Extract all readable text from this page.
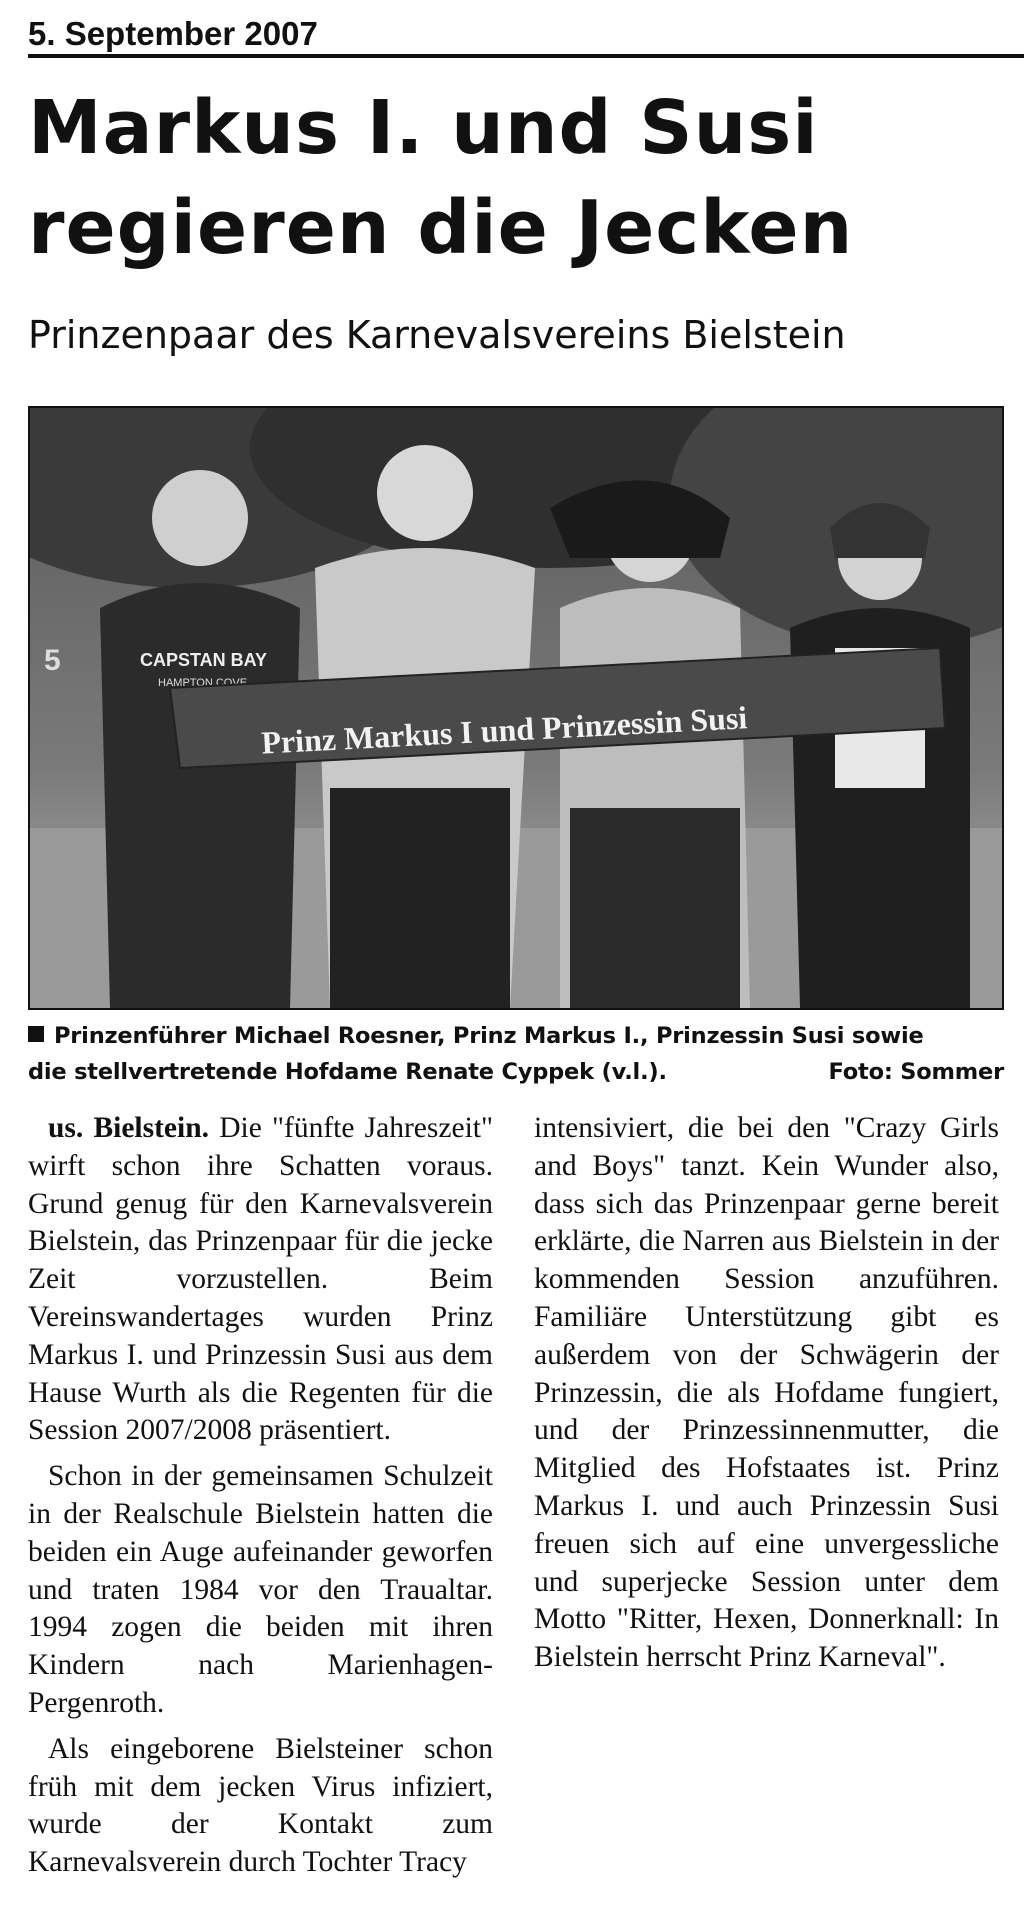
5. September 2007
Markus I. und Susi
regieren die Jecken
Prinzenpaar des Karnevalsvereins Bielstein
CAPSTAN BAY
HAMPTON COVE
5
Prinz Markus I und Prinzessin Susi
Prinzenführer Michael Roesner, Prinz Markus I., Prinzessin Susi sowie
die stellvertretende Hofdame Renate Cyppek (v.l.).	Foto: Sommer

us. Bielstein. Die "fünfte Jahreszeit" wirft schon ihre Schatten voraus. Grund genug für den Karnevalsverein Bielstein, das Prinzenpaar für die jecke Zeit vorzustellen. Beim Vereinswandertages wurden Prinz Markus I. und Prinzessin Susi aus dem Hause Wurth als die Regenten für die Session 2007/2008 präsentiert.

Schon in der gemeinsamen Schulzeit in der Realschule Bielstein hatten die beiden ein Auge aufeinander geworfen und traten 1984 vor den Traualtar. 1994 zogen die beiden mit ihren Kindern nach Marienhagen-Pergenroth.

Als eingeborene Bielsteiner schon früh mit dem jecken Virus infiziert, wurde der Kontakt zum Karnevalsverein durch Tochter Tracy

intensiviert, die bei den "Crazy Girls and Boys" tanzt. Kein Wunder also, dass sich das Prinzenpaar gerne bereit erklärte, die Narren aus Bielstein in der kommenden Session anzuführen. Familiäre Unterstützung gibt es außerdem von der Schwägerin der Prinzessin, die als Hofdame fungiert, und der Prinzessinnenmutter, die Mitglied des Hofstaates ist. Prinz Markus I. und auch Prinzessin Susi freuen sich auf eine unvergessliche und superjecke Session unter dem Motto "Ritter, Hexen, Donnerknall: In Bielstein herrscht Prinz Karneval".
